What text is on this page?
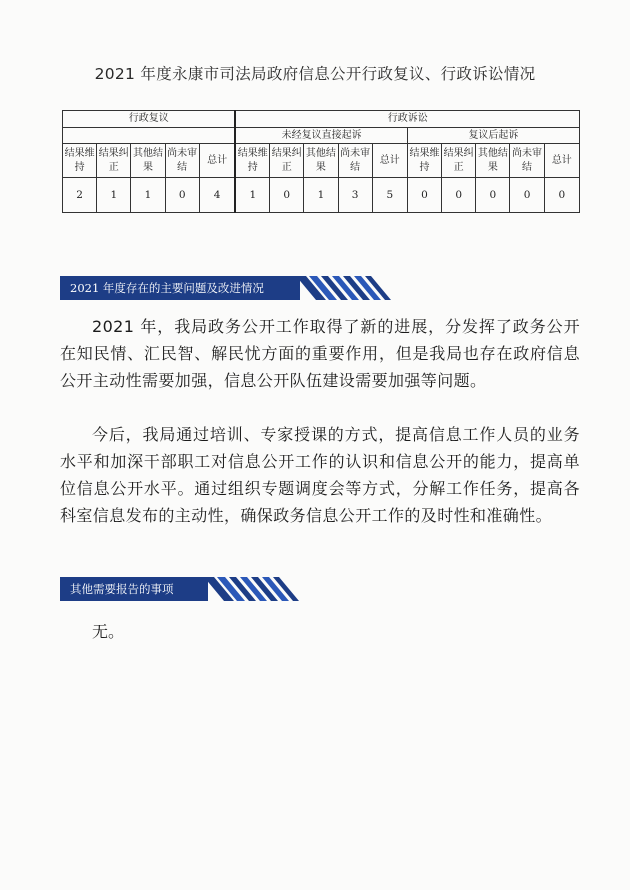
2021 年度永康市司法局政府信息公开行政复议、行政诉讼情况
行政复议					行政诉讼									
					未经复议直接起诉					复议后起诉				
结果维持	结果纠正	其他结果	尚未审结	总计	结果维持	结果纠正	其他结果	尚未审结	总计	结果维持	结果纠正	其他结果	尚未审结	总计
2	1	1	0	4	1	0	1	3	5	0	0	0	0	0
2021 年度存在的主要问题及改进情况

2021 年，我局政务公开工作取得了新的进展，分发挥了政务公开在知民情、汇民智、解民忧方面的重要作用，但是我局也存在政府信息公开主动性需要加强，信息公开队伍建设需要加强等问题。

今后，我局通过培训、专家授课的方式，提高信息工作人员的业务水平和加深干部职工对信息公开工作的认识和信息公开的能力，提高单位信息公开水平。通过组织专题调度会等方式，分解工作任务，提高各科室信息发布的主动性，确保政务信息公开工作的及时性和准确性。

其他需要报告的事项
无。
